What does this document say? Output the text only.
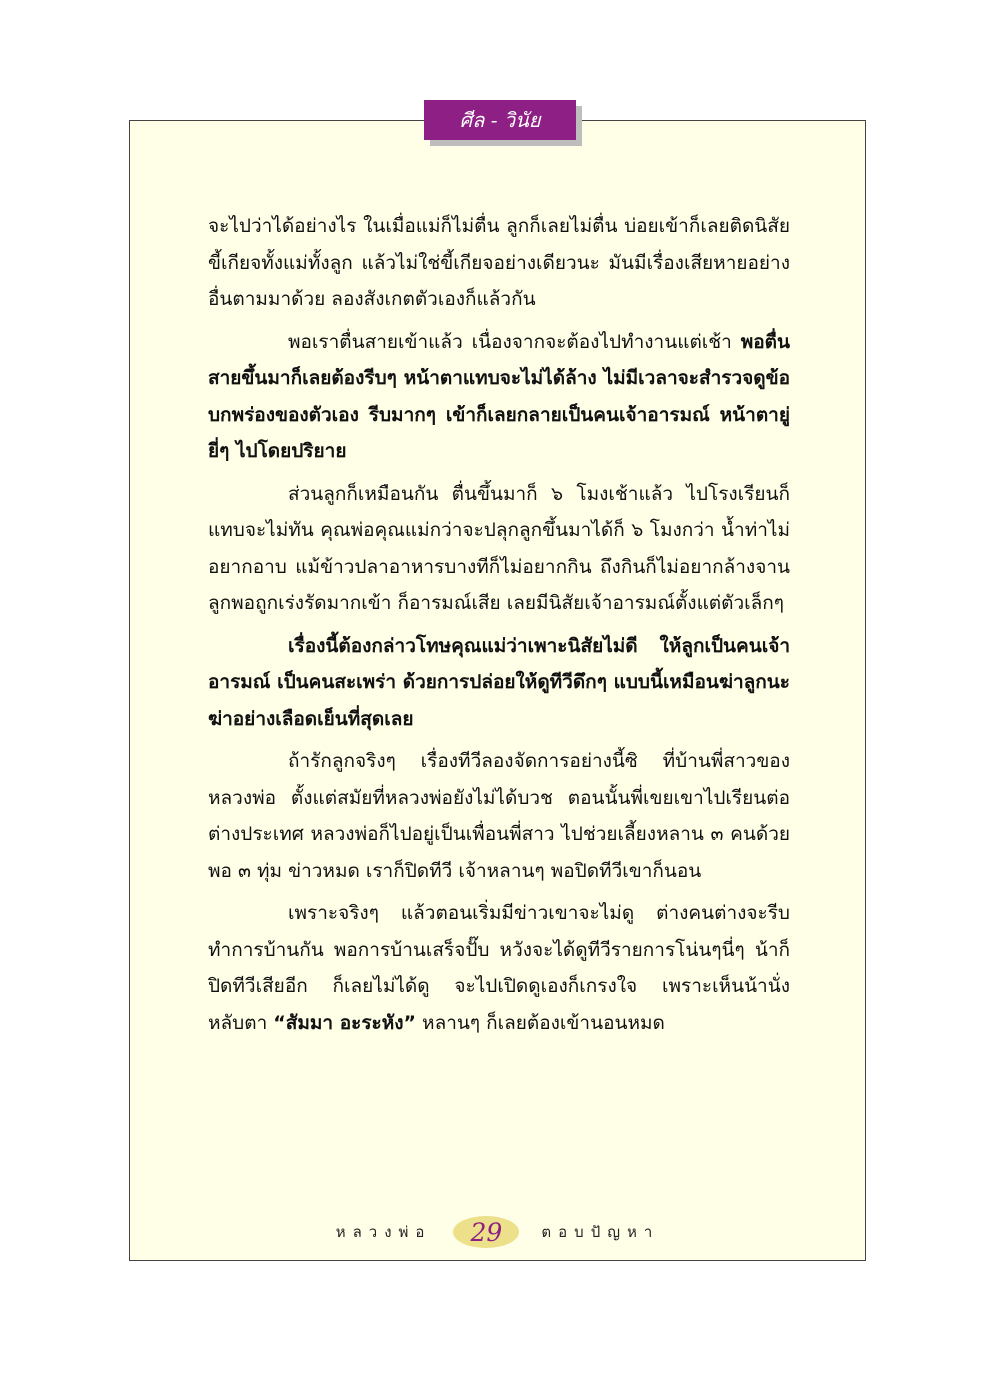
ศีล - วินัย

จะไปว่าได้อย่างไร ในเมื่อแม่ก็ไม่ตื่น ลูกก็เลยไม่ตื่น บ่อยเข้าก็เลยติดนิสัยขี้เกียจทั้งแม่ทั้งลูก แล้วไม่ใช่ขี้เกียจอย่างเดียวนะ มันมีเรื่องเสียหายอย่างอื่นตามมาด้วย ลองสังเกตตัวเองก็แล้วกัน

พอเราตื่นสายเข้าแล้ว เนื่องจากจะต้องไปทำงานแต่เช้า พอตื่นสายขึ้นมาก็เลยต้องรีบๆ หน้าตาแทบจะไม่ได้ล้าง ไม่มีเวลาจะสำรวจดูข้อบกพร่องของตัวเอง รีบมากๆ เข้าก็เลยกลายเป็นคนเจ้าอารมณ์ หน้าตายู่ยี่ๆ ไปโดยปริยาย

ส่วนลูกก็เหมือนกัน ตื่นขึ้นมาก็ ๖ โมงเช้าแล้ว ไปโรงเรียนก็แทบจะไม่ทัน คุณพ่อคุณแม่กว่าจะปลุกลูกขึ้นมาได้ก็ ๖ โมงกว่า น้ำท่าไม่อยากอาบ แม้ข้าวปลาอาหารบางทีก็ไม่อยากกิน ถึงกินก็ไม่อยากล้างจาน ลูกพอถูกเร่งรัดมากเข้า ก็อารมณ์เสีย เลยมีนิสัยเจ้าอารมณ์ตั้งแต่ตัวเล็กๆ

เรื่องนี้ต้องกล่าวโทษคุณแม่ว่าเพาะนิสัยไม่ดี ให้ลูกเป็นคนเจ้าอารมณ์ เป็นคนสะเพร่า ด้วยการปล่อยให้ดูทีวีดึกๆ แบบนี้เหมือนฆ่าลูกนะ ฆ่าอย่างเลือดเย็นที่สุดเลย

ถ้ารักลูกจริงๆ เรื่องทีวีลองจัดการอย่างนี้ซิ ที่บ้านพี่สาวของหลวงพ่อ ตั้งแต่สมัยที่หลวงพ่อยังไม่ได้บวช ตอนนั้นพี่เขยเขาไปเรียนต่อต่างประเทศ หลวงพ่อก็ไปอยู่เป็นเพื่อนพี่สาว ไปช่วยเลี้ยงหลาน ๓ คนด้วย พอ ๓ ทุ่ม ข่าวหมด เราก็ปิดทีวี เจ้าหลานๆ พอปิดทีวีเขาก็นอน

เพราะจริงๆ แล้วตอนเริ่มมีข่าวเขาจะไม่ดู ต่างคนต่างจะรีบทำการบ้านกัน พอการบ้านเสร็จปั๊บ หวังจะได้ดูทีวีรายการโน่นๆนี่ๆ น้าก็ปิดทีวีเสียอีก ก็เลยไม่ได้ดู จะไปเปิดดูเองก็เกรงใจ เพราะเห็นน้านั่งหลับตา “สัมมา อะระหัง” หลานๆ ก็เลยต้องเข้านอนหมด

หลวงพ่อ	29	ตอบปัญหา
